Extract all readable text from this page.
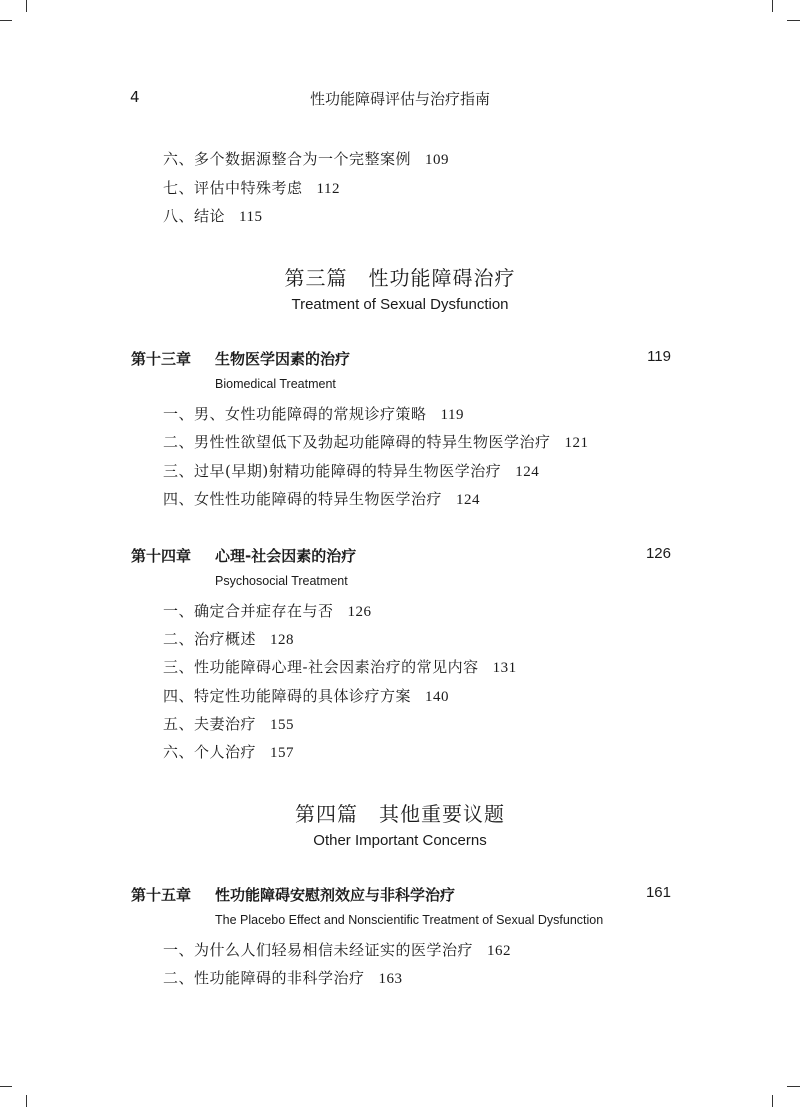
4	性功能障碍评估与治疗指南
六、多个数据源整合为一个完整案例 109
七、评估中特殊考虑 112
八、结论 115
第三篇　性功能障碍治疗
Treatment of Sexual Dysfunction
第十三章 生物医学因素的治疗	119
Biomedical Treatment
一、男、女性功能障碍的常规诊疗策略 119
二、男性性欲望低下及勃起功能障碍的特异生物医学治疗 121
三、过早(早期)射精功能障碍的特异生物医学治疗 124
四、女性性功能障碍的特异生物医学治疗 124
第十四章 心理-社会因素的治疗	126
Psychosocial Treatment
一、确定合并症存在与否 126
二、治疗概述 128
三、性功能障碍心理-社会因素治疗的常见内容 131
四、特定性功能障碍的具体诊疗方案 140
五、夫妻治疗 155
六、个人治疗 157
第四篇　其他重要议题
Other Important Concerns
第十五章 性功能障碍安慰剂效应与非科学治疗	161
The Placebo Effect and Nonscientific Treatment of Sexual Dysfunction
一、为什么人们轻易相信未经证实的医学治疗 162
二、性功能障碍的非科学治疗 163
